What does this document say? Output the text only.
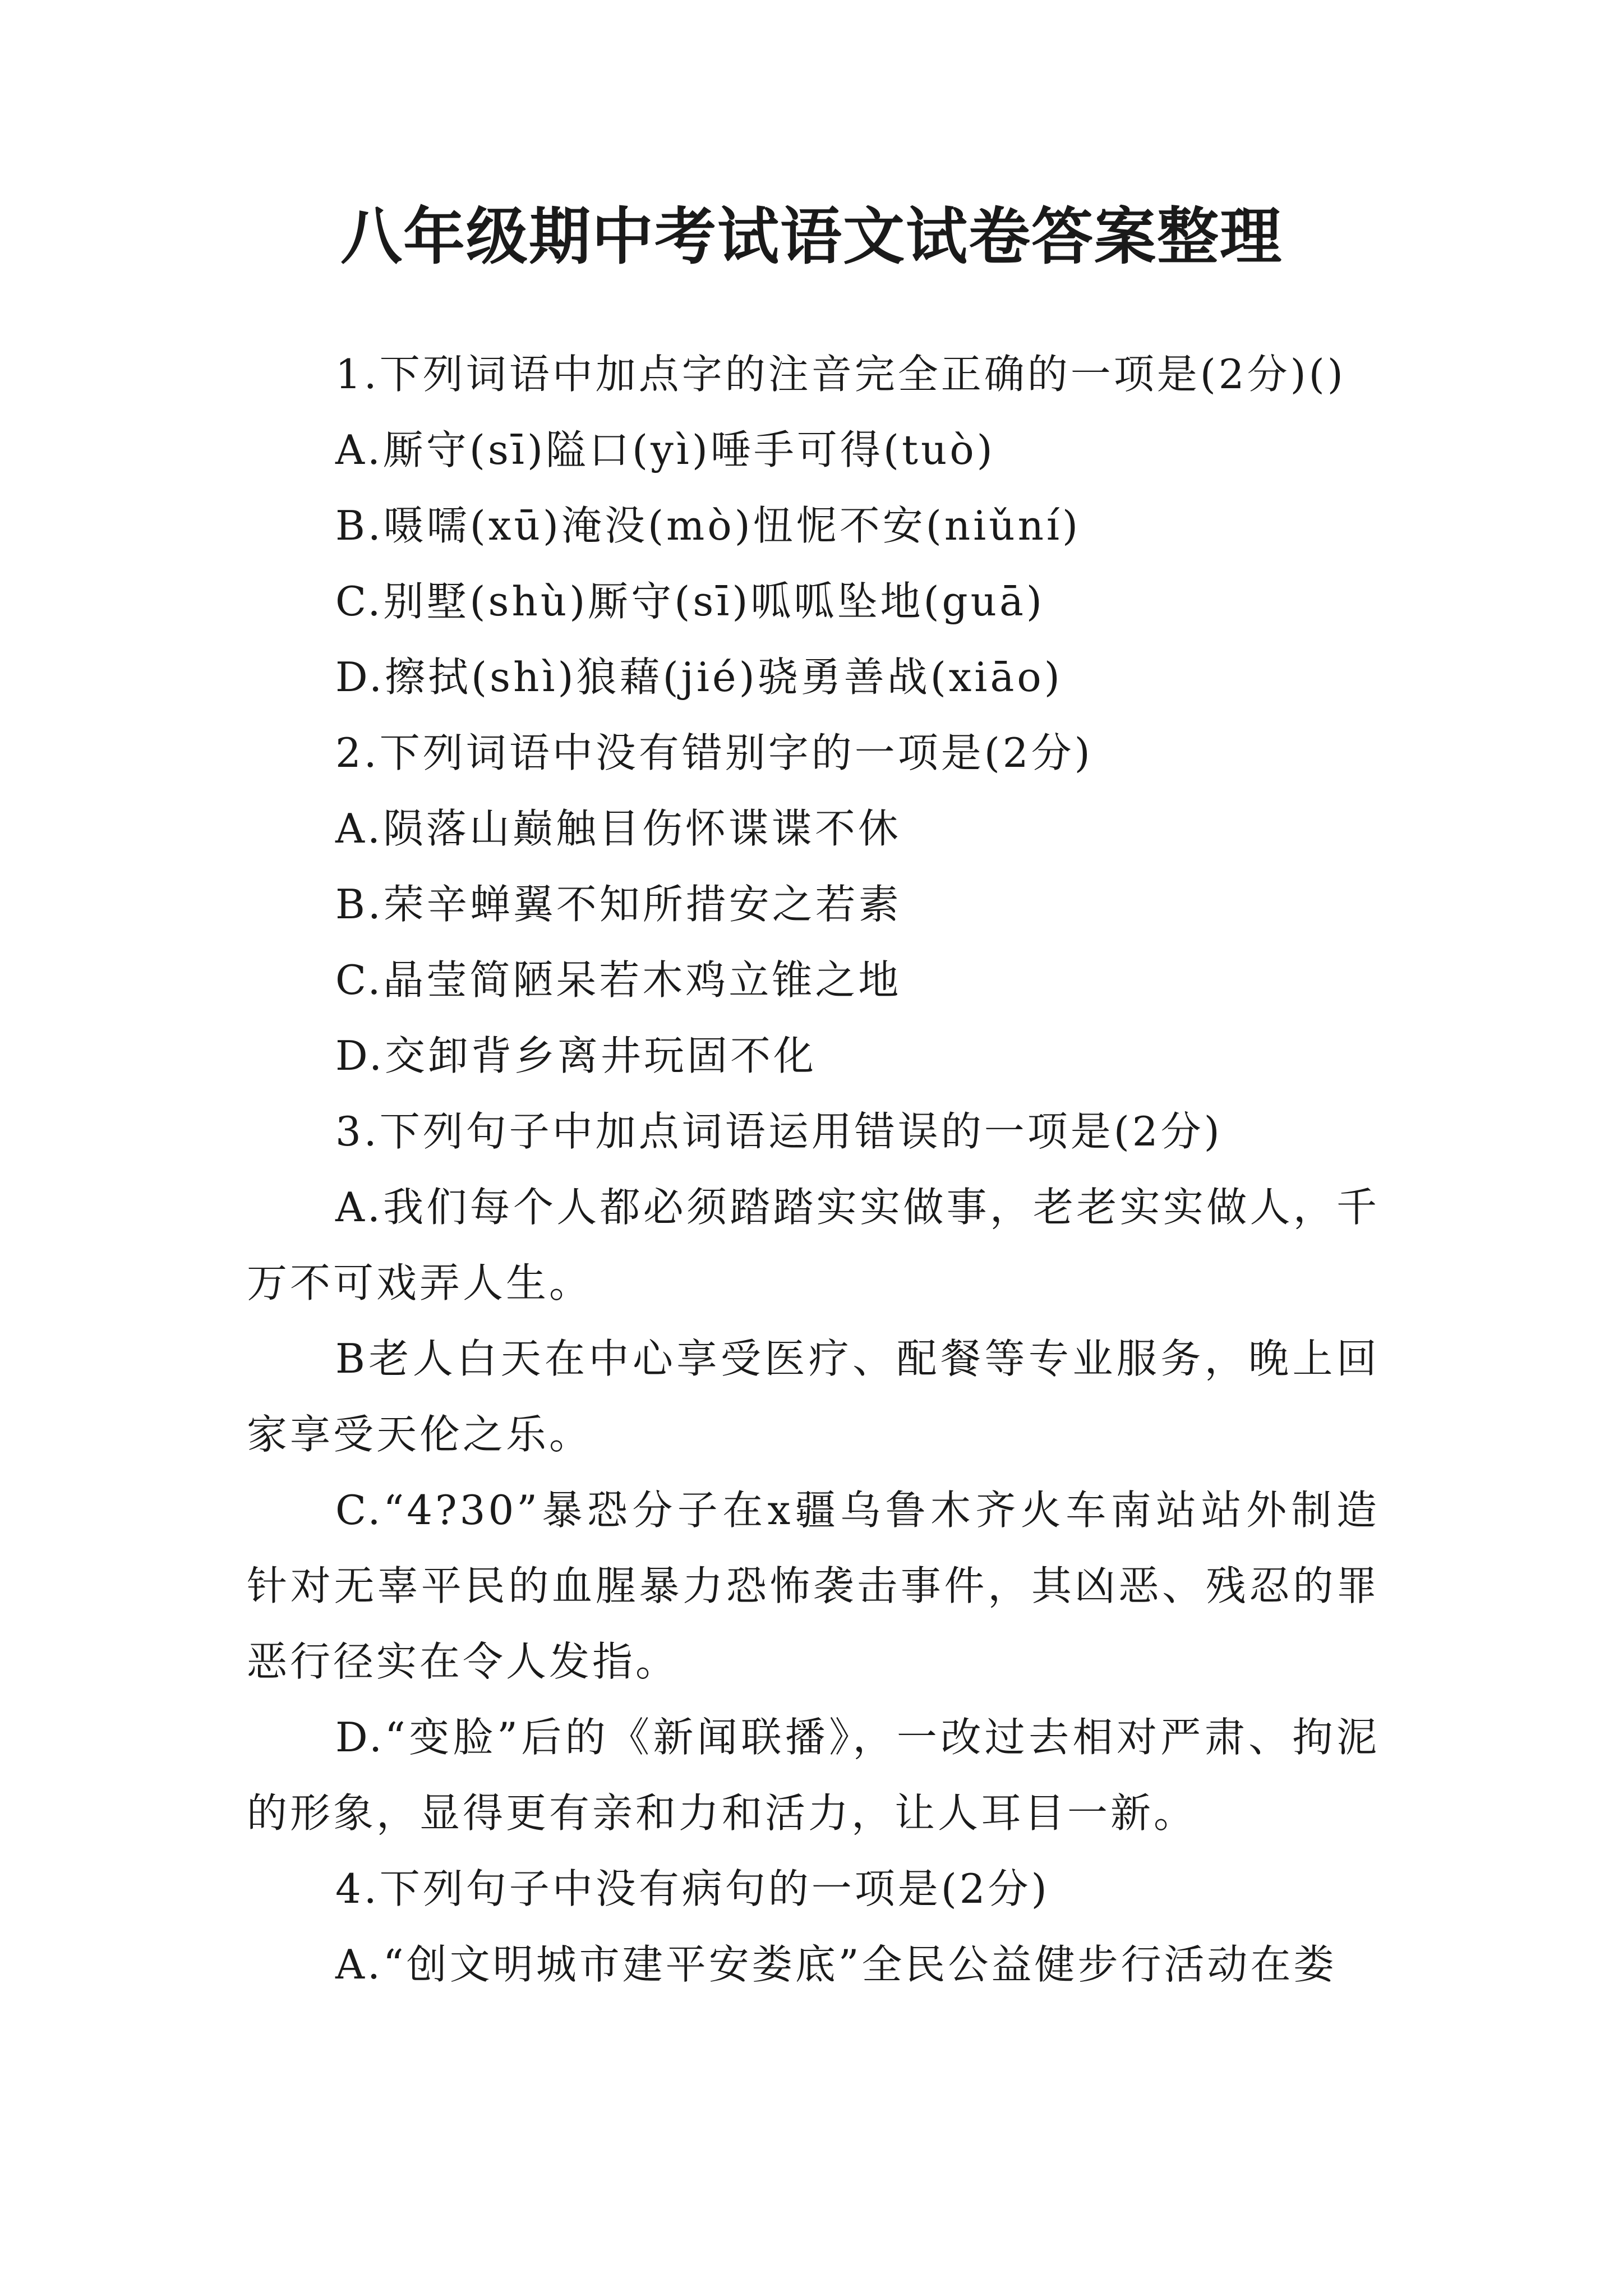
八年级期中考试语文试卷答案整理

1.下列词语中加点字的注音完全正确的一项是(2分)()

A.厮守(sī)隘口(yì)唾手可得(tuò)

B.嗫嚅(xū)淹没(mò)忸怩不安(niǔní)

C.别墅(shù)厮守(sī)呱呱坠地(guā)

D.擦拭(shì)狼藉(jié)骁勇善战(xiāo)

2.下列词语中没有错别字的一项是(2分)

A.陨落山巅触目伤怀谍谍不休

B.荣辛蝉翼不知所措安之若素

C.晶莹简陋呆若木鸡立锥之地

D.交卸背乡离井玩固不化

3.下列句子中加点词语运用错误的一项是(2分)

A.我们每个人都必须踏踏实实做事，老老实实做人，千万不可戏弄人生。

B老人白天在中心享受医疗、配餐等专业服务，晚上回家享受天伦之乐。

C.“4?30”暴恐分子在x疆乌鲁木齐火车南站站外制造针对无辜平民的血腥暴力恐怖袭击事件，其凶恶、残忍的罪恶行径实在令人发指。

D.“变脸”后的《新闻联播》，一改过去相对严肃、拘泥的形象，显得更有亲和力和活力，让人耳目一新。

4.下列句子中没有病句的一项是(2分)

A.“创文明城市建平安娄底”全民公益健步行活动在娄
